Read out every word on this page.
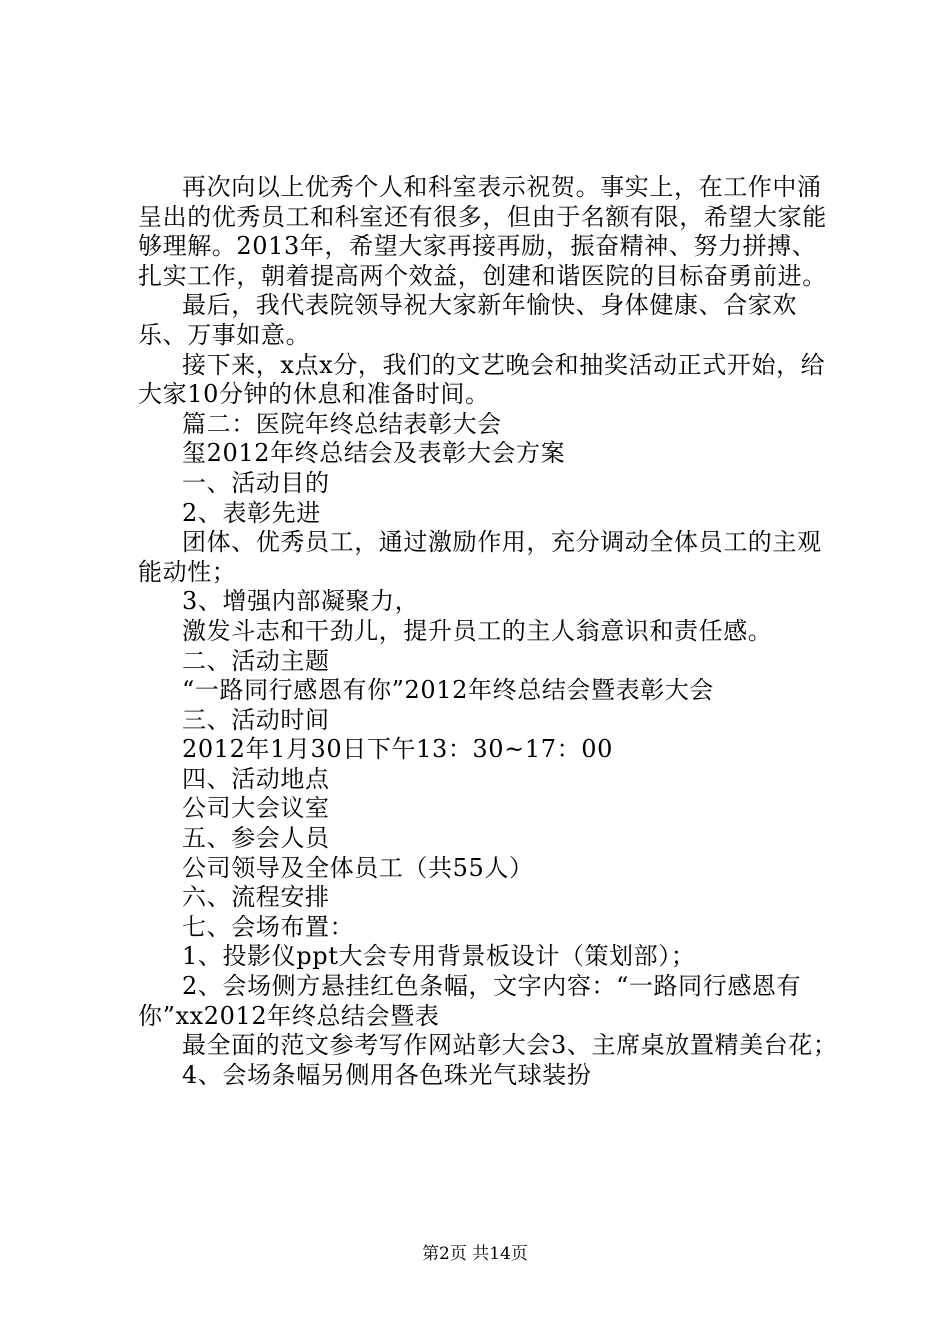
再次向以上优秀个人和科室表示祝贺。事实上，在工作中涌呈出的优秀员工和科室还有很多，但由于名额有限，希望大家能够理解。2013年，希望大家再接再励，振奋精神、努力拼搏、扎实工作，朝着提高两个效益，创建和谐医院的目标奋勇前进。

最后，我代表院领导祝大家新年愉快、身体健康、合家欢乐、万事如意。

接下来，x点x分，我们的文艺晚会和抽奖活动正式开始，给大家10分钟的休息和准备时间。

篇二：医院年终总结表彰大会

玺2012年终总结会及表彰大会方案

一、活动目的

2、表彰先进

团体、优秀员工，通过激励作用，充分调动全体员工的主观能动性；

3、增强内部凝聚力，

激发斗志和干劲儿，提升员工的主人翁意识和责任感。

二、活动主题

“一路同行感恩有你”2012年终总结会暨表彰大会

三、活动时间

2012年1月30日下午13：30~17：00

四、活动地点

公司大会议室

五、参会人员

公司领导及全体员工（共55人）

六、流程安排

七、会场布置：

1、投影仪ppt大会专用背景板设计（策划部）；

2、会场侧方悬挂红色条幅，文字内容：“一路同行感恩有你”xx2012年终总结会暨表

最全面的范文参考写作网站彰大会3、主席桌放置精美台花；

4、会场条幅另侧用各色珠光气球装扮

第2页 共14页
